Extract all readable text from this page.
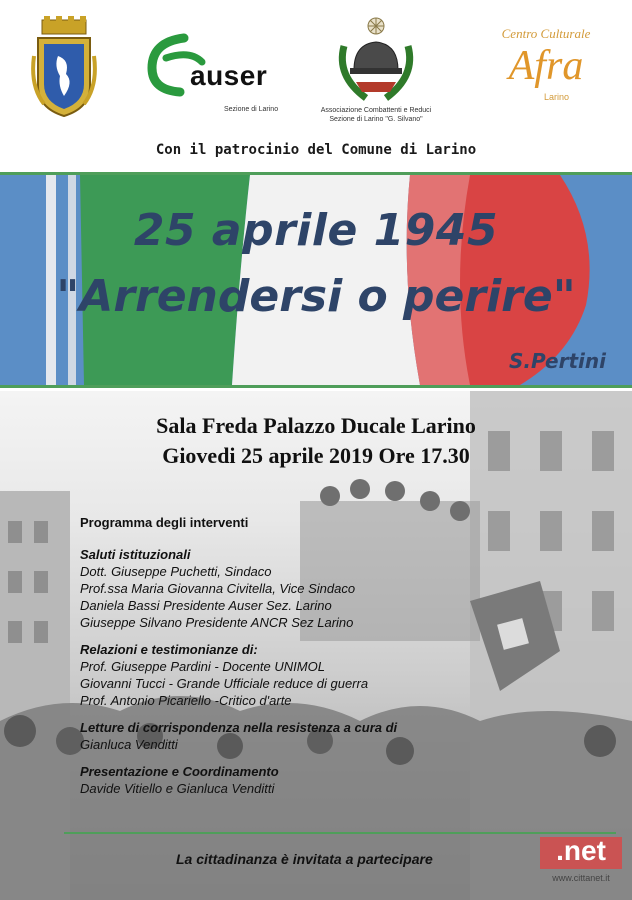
auser
Sezione di Larino	Associazione Combattenti e Reduci
Sezione di Larino "G. Silvano"
Centro Culturale
Afra
Larino
Con il patrocinio del Comune di Larino
25 aprile 1945
"Arrendersi o perire"
S.Pertini
Sala Freda Palazzo Ducale Larino
Giovedi 25 aprile 2019 Ore 17.30
Programma degli interventi
Saluti istituzionali
Dott. Giuseppe Puchetti, Sindaco
Prof.ssa Maria Giovanna Civitella, Vice Sindaco
Daniela Bassi Presidente Auser Sez. Larino
Giuseppe Silvano Presidente ANCR Sez Larino
Relazioni e testimonianze di:
Prof. Giuseppe Pardini - Docente UNIMOL
Giovanni Tucci - Grande Ufficiale reduce di guerra
Prof. Antonio Picariello -Critico d'arte
Letture di corrispondenza nella resistenza a cura di
Gianluca Venditti
Presentazione e Coordinamento
Davide Vitiello e Gianluca Venditti
La cittadinanza è invitata a partecipare	.net
www.cittanet.it
